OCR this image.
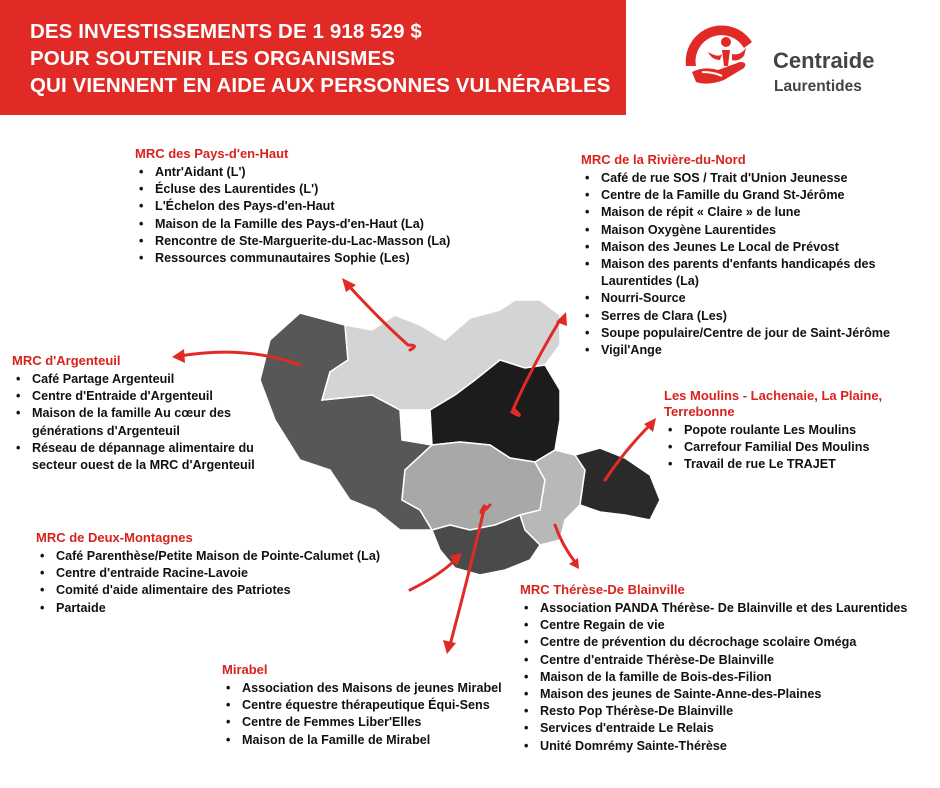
DES INVESTISSEMENTS DE 1 918 529 $
POUR SOUTENIR LES ORGANISMES
QUI VIENNENT EN AIDE AUX PERSONNES VULNÉRABLES
Centraide
Laurentides
MRC des Pays-d'en-Haut
• Antr'Aidant (L')
• Écluse des Laurentides (L')
• L'Échelon des Pays-d'en-Haut
• Maison de la Famille des Pays-d'en-Haut (La)
• Rencontre de Ste-Marguerite-du-Lac-Masson (La)
• Ressources communautaires Sophie (Les)
MRC de la Rivière-du-Nord
• Café de rue SOS / Trait d'Union Jeunesse
• Centre de la Famille du Grand St-Jérôme
• Maison de répit « Claire » de lune
• Maison Oxygène Laurentides
• Maison des Jeunes Le Local de Prévost
• Maison des parents d'enfants handicapés des
Laurentides (La)
• Nourri-Source
• Serres de Clara (Les)
• Soupe populaire/Centre de jour de Saint-Jérôme
• Vigil'Ange
MRC d'Argenteuil
• Café Partage Argenteuil
• Centre d'Entraide d'Argenteuil
• Maison de la famille Au cœur des
générations d'Argenteuil
• Réseau de dépannage alimentaire du
secteur ouest de la MRC d'Argenteuil
Les Moulins - Lachenaie, La Plaine,
Terrebonne
• Popote roulante Les Moulins
• Carrefour Familial Des Moulins
• Travail de rue Le TRAJET
MRC de Deux-Montagnes
• Café Parenthèse/Petite Maison de Pointe-Calumet (La)
• Centre d'entraide Racine-Lavoie
• Comité d'aide alimentaire des Patriotes
• Partaide
MRC Thérèse-De Blainville
• Association PANDA Thérèse- De Blainville et des Laurentides
• Centre Regain de vie
• Centre de prévention du décrochage scolaire Oméga
• Centre d'entraide Thérèse-De Blainville
• Maison de la famille de Bois-des-Filion
• Maison des jeunes de Sainte-Anne-des-Plaines
• Resto Pop Thérèse-De Blainville
• Services d'entraide Le Relais
• Unité Domrémy Sainte-Thérèse
Mirabel
• Association des Maisons de jeunes Mirabel
• Centre équestre thérapeutique Équi-Sens
• Centre de Femmes Liber'Elles
• Maison de la Famille de Mirabel
